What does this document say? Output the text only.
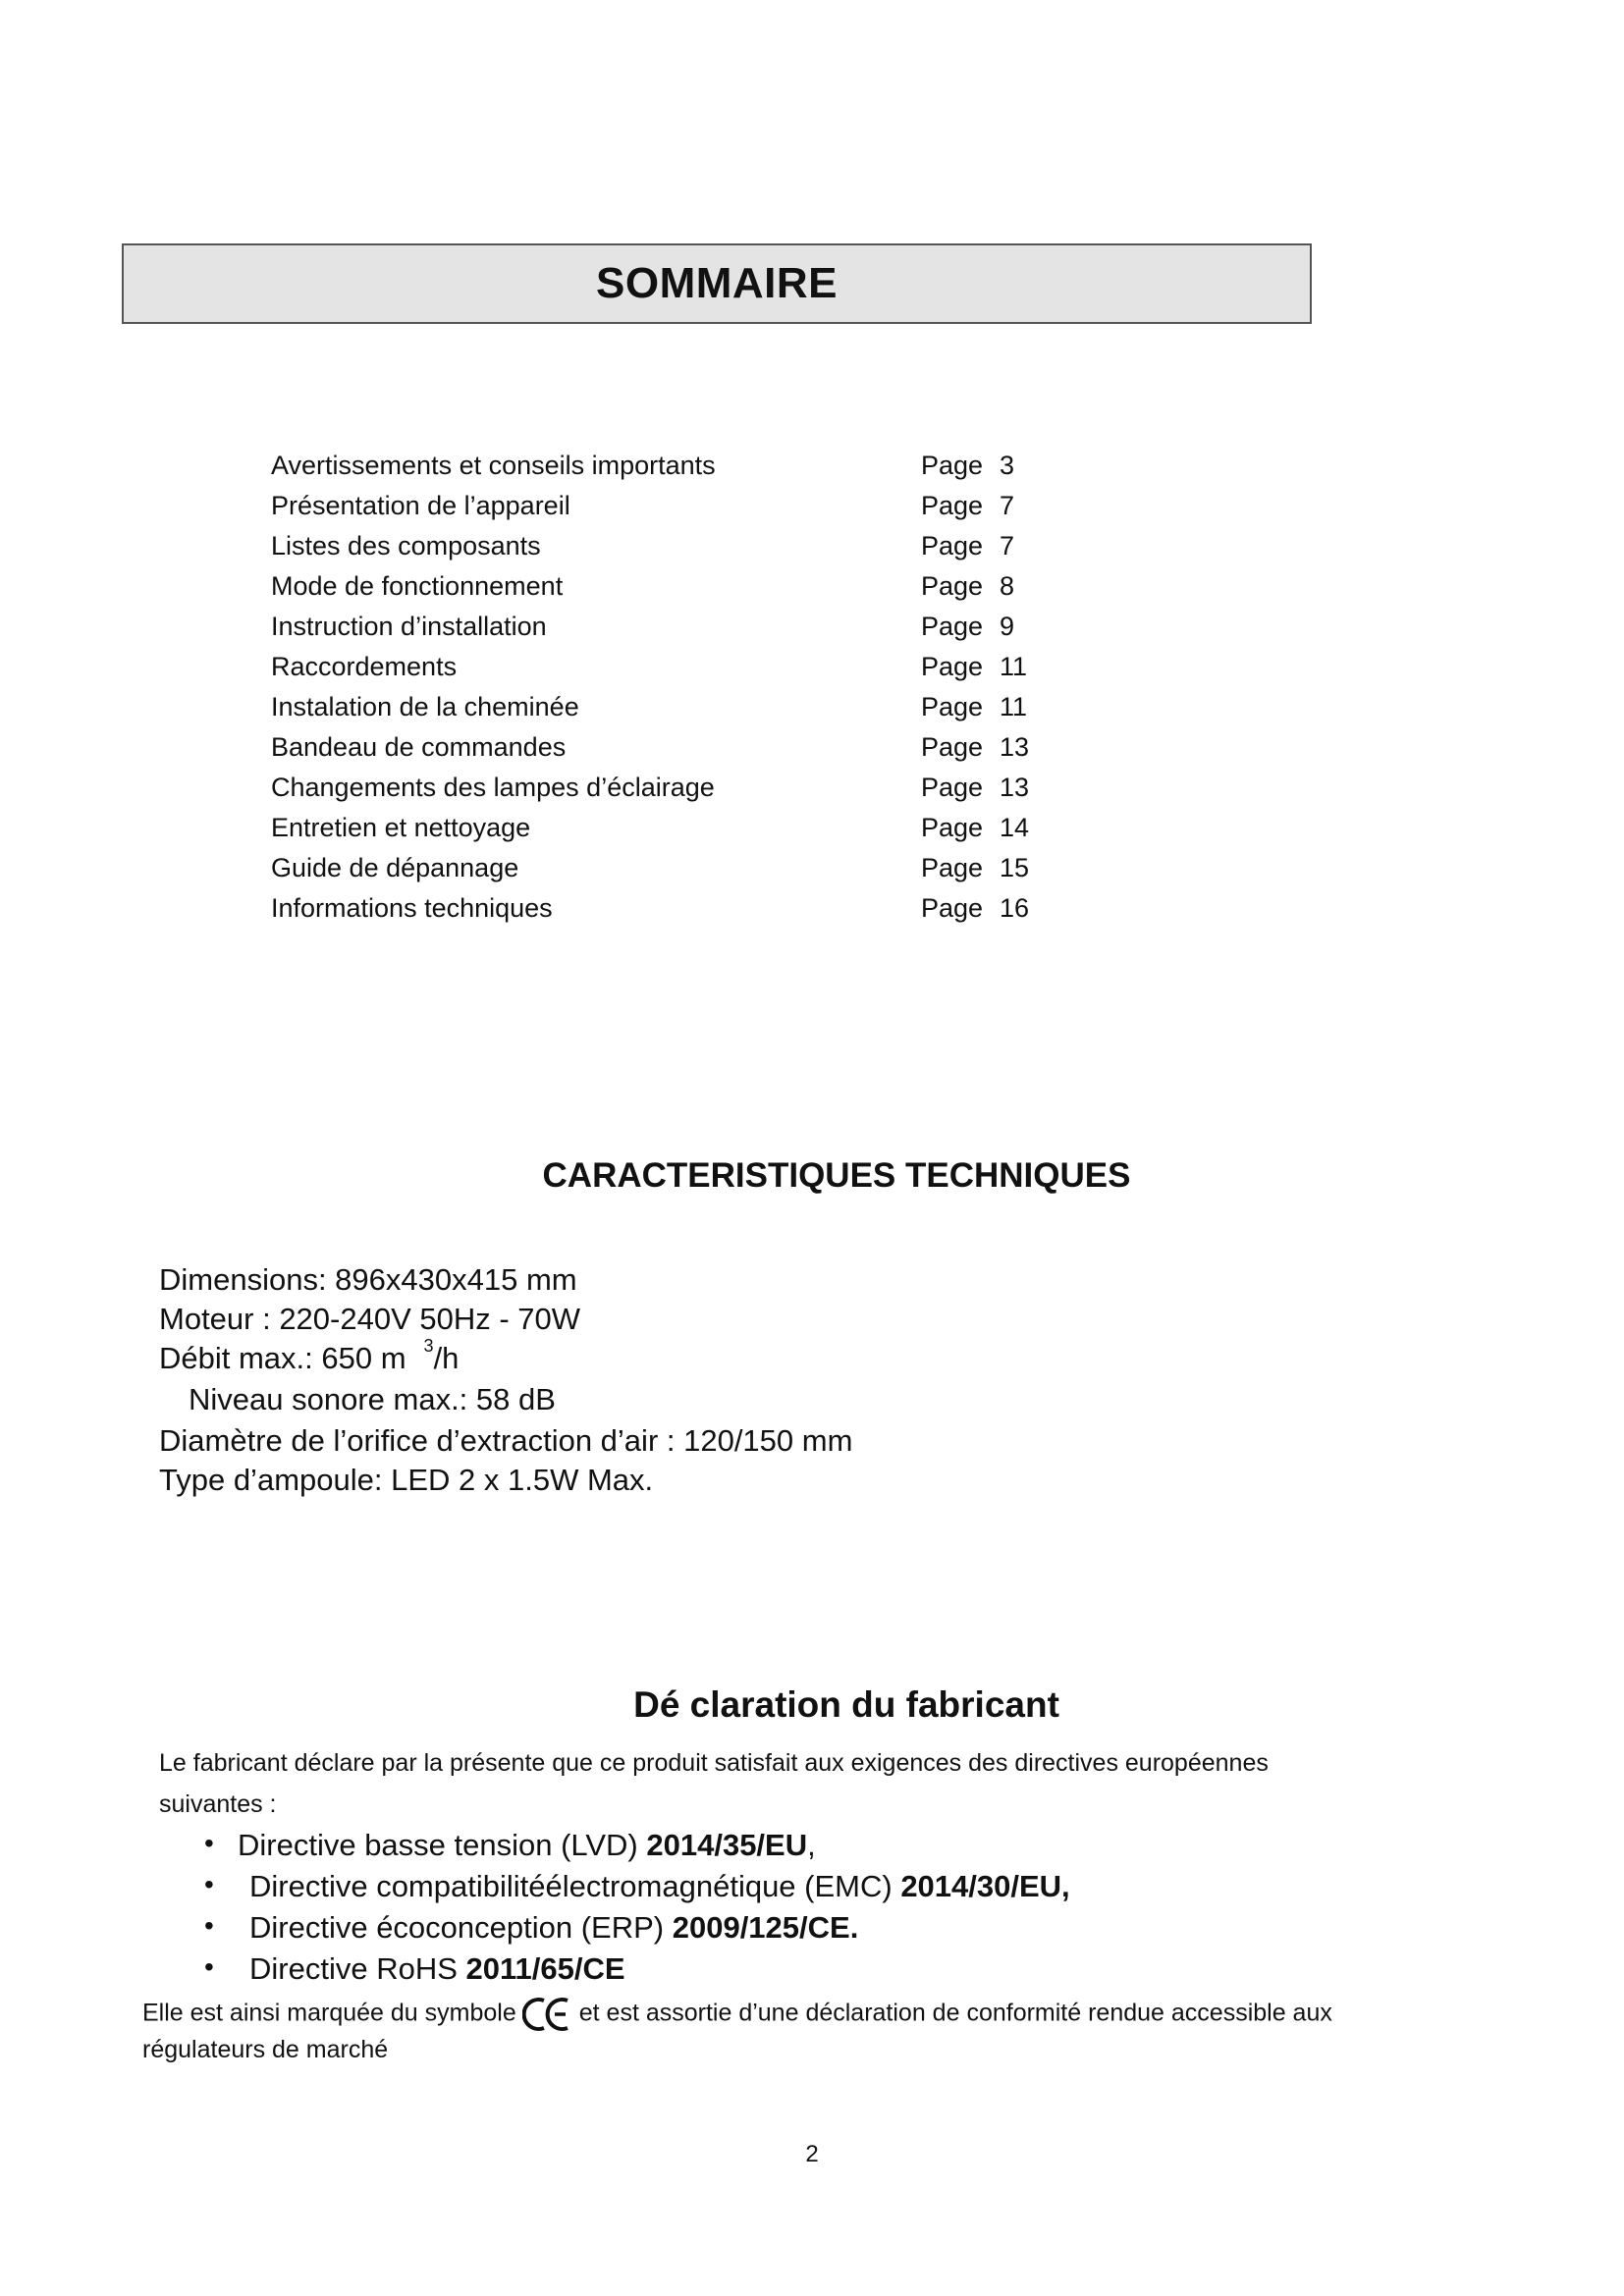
SOMMAIRE
Avertissements et conseils importants	Page 3
Présentation de l’appareil	Page 7
Listes des composants	Page 7
Mode de fonctionnement	Page 8
Instruction d’installation	Page 9
Raccordements	Page 11
Instalation de la cheminée	Page 11
Bandeau de commandes	Page 13
Changements des lampes d’éclairage	Page 13
Entretien et nettoyage	Page 14
Guide de dépannage	Page 15
Informations techniques	Page 16
CARACTERISTIQUES TECHNIQUES
Dimensions: 896x430x415 mm
Moteur : 220-240V 50Hz - 70W
Débit max.: 650 m $^3$/h
Niveau sonore max.: 58 dB
Diamètre de l’orifice d’extraction d’air : 120/150 mm
Type d’ampoule: LED 2 x 1.5W Max.
Dé claration du fabricant
Le fabricant déclare par la présente que ce produit satisfait aux exigences des directives européennes
suivantes :
• Directive basse tension (LVD) 2014/35/EU,
• Directive compatibilitéélectromagnétique (EMC) 2014/30/EU,
• Directive écoconception (ERP) 2009/125/CE.
• Directive RoHS 2011/65/CE
Elle est ainsi marquée du symbole	et est assortie d’une déclaration de conformité rendue accessible aux
régulateurs de marché
2
